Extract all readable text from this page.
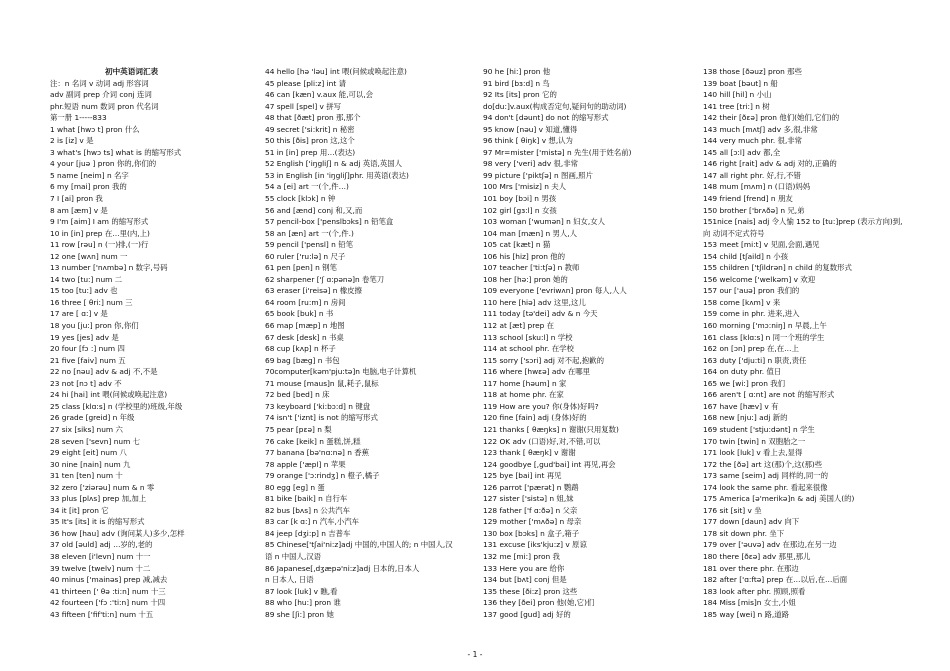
初中英语词汇表
注：n 名词 v 动词 adj 形容词
adv 副词 prep 介词 conj 连词
phr.短语 num 数词 pron 代名词
第一册 1-----833
1 what [hwɔ t] pron 什么
2 is [iz] v 是
3 what's [hwɔ ts] what is 的缩写形式
4 your [juə ] pron 你的,你们的
5 name [neim] n 名字
6 my [mai] pron 我的
7 I [ai] pron 我
8 am [æm] v 是
9 I'm [aim] I am 的缩写形式
10 in [in] prep 在…里(内,上)
11 row [rəu] n (一)排,(一)行
12 one [wʌn] num 一
13 number ['nʌmbə] n 数字,号码
14 two [tu:] num 二
15 too [tu:] adv 也
16 three [ θri:] num 三
17 are [ ɑ:] v 是
18 you [ju:] pron 你,你们
19 yes [jes] adv 是
20 four [fɔ :] num 四
21 five [faiv] num 五
22 no [nəu] adv & adj 不,不是
23 not [nɔ t] adv 不
24 hi [hai] int 喂(问候或唤起注意)
25 class [klɑ:s] n (学校里的)班级,年级
26 grade [greid] n 年级
27 six [siks] num 六
28 seven ['sevn] num 七
29 eight [eit] num 八
30 nine [nain] num 九
31 ten [ten] num 十
32 zero ['ziərəu] num & n 零
33 plus [plʌs] prep 加,加上
34 it [it] pron 它
35 It's [its] it is 的缩写形式
36 how [hau] adv (询问某人)多少,怎样
37 old [əuld] adj …岁的,老的
38 eleven [i'levn] num 十一
39 twelve [twelv] num 十二
40 minus ['mainəs] prep 减,减去
41 thirteen [' θə :ti:n] num 十三
42 fourteen ['fɔ :'ti:n] num 十四
43 fifteen ['fif'ti:n] num 十五
44 hello [hə 'ləu] int 喂(问候或唤起注意)
45 please [pli:z] int 请
46 can [kæn] v.aux 能,可以,会
47 spell [spel] v 拼写
48 that [ðæt] pron 那,那个
49 secret ['si:krit] n 秘密
50 this [ðis] pron 这,这个
51 in [in] prep 用…(表达)
52 English ['iŋgliʃ] n & adj 英语,英国人
53 in English [in 'iŋgliʃ]phr. 用英语(表达)
54 a [ei] art 一(个,件…)
55 clock [klɔk] n 钟
56 and [ænd] conj 和,又,而
57 pencil-box ['penslbɔks] n 铅笔盒
58 an [æn] art 一(个,件.)
59 pencil ['pensl] n 铅笔
60 ruler ['ru:lə] n 尺子
61 pen [pen] n 钢笔
62 sharpener ['ʃ ɑ:pənə]n 卷笔刀
63 eraser [i'reisə] n 橡皮擦
64 room [ru:m] n 房间
65 book [buk] n 书
66 map [mæp] n 地图
67 desk [desk] n 书桌
68 cup [kʌp] n 杯子
69 bag [bæg] n 书包
70computer[kəm'pju:tə]n 电脑,电子计算机
71 mouse [maus]n 鼠,耗子,鼠标
72 bed [bed] n 床
73 keyboard ['ki:bɔ:d] n 键盘
74 isn't ['iznt] is not 的缩写形式
75 pear [pɛə] n 梨
76 cake [keik] n 蛋糕,饼,糕
77 banana [bə'nɑ:nə] n 香蕉
78 apple ['æpl] n 苹果
79 orange ['ɔ:rindʒ] n 橙子,橘子
80 egg [eg] n 蛋
81 bike [baik] n 自行车
82 bus [bʌs] n 公共汽车
83 car [k ɑ:] n 汽车,小汽车
84 jeep [dʒi:p] n 吉普车
85 Chinese['tʃai'ni:z]adj 中国的,中国人的; n 中国人,汉
语 n 中国人,汉语
86 Japanese[,dʒæpə'ni:z]adj 日本的,日本人
n 日本人, 日语
87 look [luk] v 瞧,看
88 who [hu:] pron 谁
89 she [ʃi:] pron 她
90 he [hi:] pron 他
91 bird [bɜ:d] n 鸟
92 Its [its] pron 它的
do[du:]v.aux(构成否定句,疑问句的助动词)
94 don't [dəunt] do not 的缩写形式
95 know [nəu] v 知道,懂得
96 think [ θiŋk] v 想,认为
97 Mr=mister ['mistə] n 先生(用于姓名前)
98 very ['veri] adv 很,非常
99 picture ['piktʃə] n 图画,照片
100 Mrs ['misiz] n 夫人
101 boy [bɔi] n 男孩
102 girl [gɜ:l] n 女孩
103 woman ['wumən] n 妇女,女人
104 man [mæn] n 男人,人
105 cat [kæt] n 猫
106 his [hiz] pron 他的
107 teacher ['ti:tʃə] n 教师
108 her [hə:] pron 她的
109 everyone ['evriwʌn] pron 每人,人人
110 here [hiə] adv 这里,这儿
111 today [tə'dei] adv & n 今天
112 at [æt] prep 在
113 school [sku:l] n 学校
114 at school phr. 在学校
115 sorry ['sɔri] adj 对不起,抱歉的
116 where [hwɛə] adv 在哪里
117 home [həum] n 家
118 at home phr. 在家
119 How are you? 你(身体)好吗?
120 fine [fain] adj (身体)好的
121 thanks [ θæŋks] n 谢谢(只用复数)
122 OK adv (口语)好,对,不错,可以
123 thank [ θæŋk] v 谢谢
124 goodbye [,gud'bai] int 再见,再会
125 bye [bai] int 再见
126 parrot ['pærət] n 鹦鹉
127 sister ['sistə] n 姐,妹
128 father ['f ɑ:ðə] n 父亲
129 mother ['mʌðə] n 母亲
130 box [bɔks] n 盒子,箱子
131 excuse [iks'kju:z] v 原谅
132 me [mi:] pron 我
133 Here you are 给你
134 but [bʌt] conj 但是
135 these [ði:z] pron 这些
136 they [ðei] pron 他(她,它)们
137 good [gud] adj 好的
138 those [ðəuz] pron 那些
139 boat [bəut] n 船
140 hill [hil] n 小山
141 tree [tri:] n 树
142 their [ðɛə] pron 他们(她们,它们)的
143 much [mʌtʃ] adv 多,很,非常
144 very much phr. 很,非常
145 all [ɔ:l] adv 都,全
146 right [rait] adv & adj 对的,正确的
147 all right phr. 好,行,不错
148 mum [mʌm] n (口语)妈妈
149 friend [frend] n 朋友
150 brother ['brʌðə] n 兄,弟
151nice [nais] adj 令人愉 152 to [tu:]prep (表示方向)到,
向 动词不定式符号
153 meet [mi:t] v 见面,会面,遇见
154 child [tʃaild] n 小孩
155 children ['tʃildrən] n child 的复数形式
156 welcome ['welkəm] v 欢迎
157 our ['auə] pron 我们的
158 come [kʌm] v 来
159 come in phr. 进来,进入
160 morning ['mɔ:niŋ] n 早晨,上午
161 class [klɑ:s] n 同一个班的学生
162 on [ɔn] prep 在,在…上
163 duty ['dju:ti] n 职责,责任
164 on duty phr. 值日
165 we [wi:] pron 我们
166 aren't [ ɑ:nt] are not 的缩写形式
167 have [hæv] v 有
168 new [nju:] adj 新的
169 student ['stju:dənt] n 学生
170 twin [twin] n 双胞胎之一
171 look [luk] v 看上去,显得
172 the [ðə] art 这(那)个,这(那)些
173 same [seim] adj 同样的,同一的
174 look the same phr. 看起来很像
175 America [ə'merikə]n & adj 美国人(的)
176 sit [sit] v 坐
177 down [daun] adv 向下
178 sit down phr. 坐下
179 over ['əuvə] adv 在那边,在另一边
180 there [ðɛə] adv 那里,那儿
181 over there phr. 在那边
182 after ['ɑ:ftə] prep 在…以后,在…后面
183 look after phr. 照顾,照看
184 Miss [mis]n 女士,小姐
185 way [wei] n 路,道路
- 1 -
